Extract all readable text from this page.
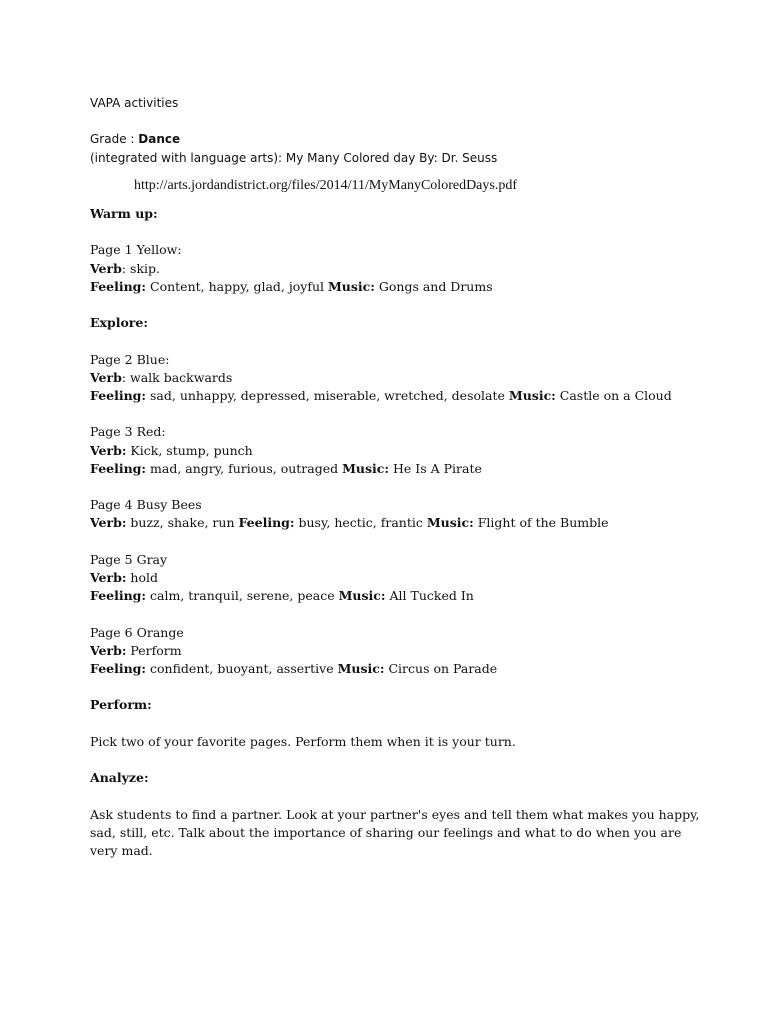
VAPA activities
Grade : Dance
(integrated with language arts): My Many Colored day By: Dr. Seuss
http://arts.jordandistrict.org/files/2014/11/MyManyColoredDays.pdf
Warm up:
Page 1 Yellow:
Verb: skip.
Feeling: Content, happy, glad, joyful Music: Gongs and Drums
Explore:
Page 2 Blue:
Verb: walk backwards
Feeling: sad, unhappy, depressed, miserable, wretched, desolate Music: Castle on a Cloud
Page 3 Red:
Verb: Kick, stump, punch
Feeling: mad, angry, furious, outraged Music: He Is A Pirate
Page 4 Busy Bees
Verb: buzz, shake, run Feeling: busy, hectic, frantic Music: Flight of the Bumble
Page 5 Gray
Verb: hold
Feeling: calm, tranquil, serene, peace Music: All Tucked In
Page 6 Orange
Verb: Perform
Feeling: confident, buoyant, assertive Music: Circus on Parade
Perform:
Pick two of your favorite pages. Perform them when it is your turn.
Analyze:
Ask students to find a partner. Look at your partner's eyes and tell them what makes you happy, sad, still, etc. Talk about the importance of sharing our feelings and what to do when you are very mad.
